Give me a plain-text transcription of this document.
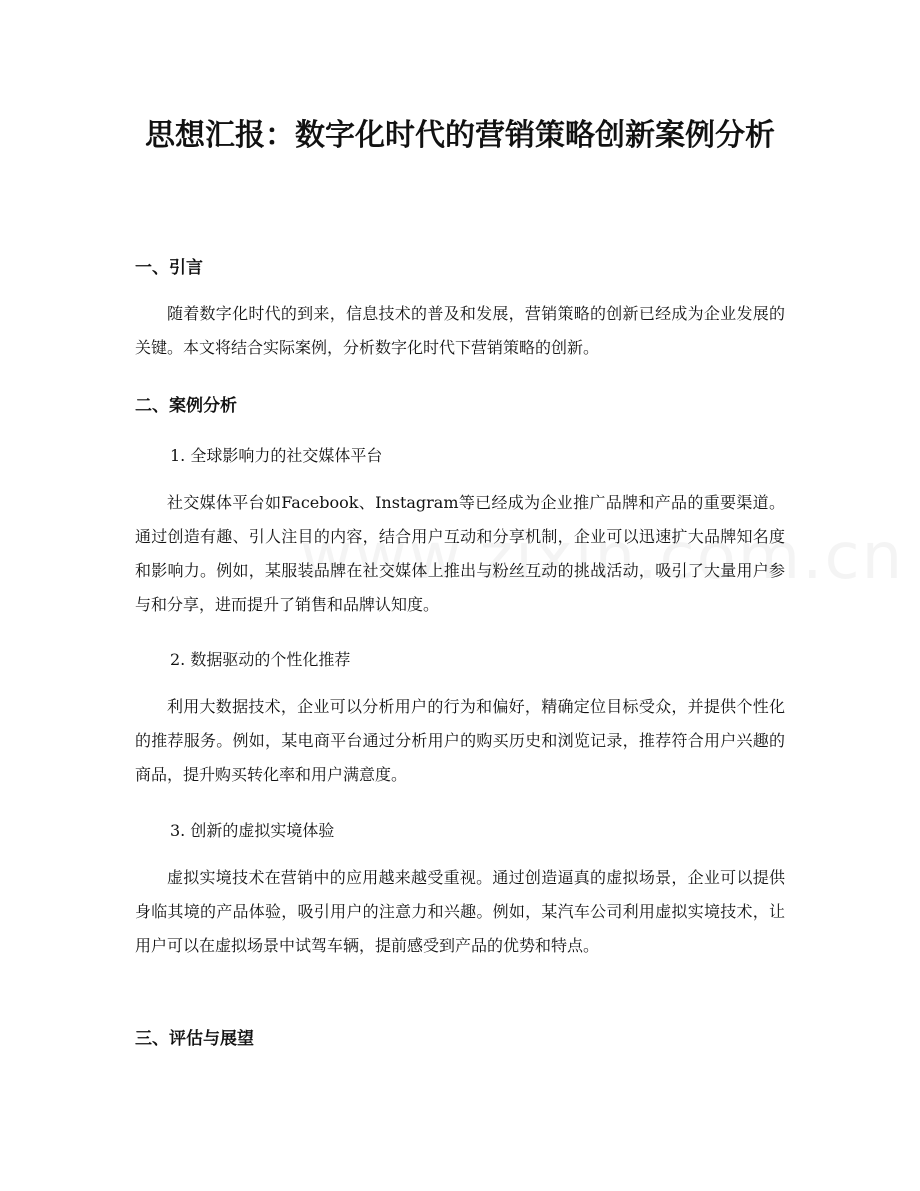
思想汇报：数字化时代的营销策略创新案例分析
一、引言
随着数字化时代的到来，信息技术的普及和发展，营销策略的创新已经成为企业发展的关键。本文将结合实际案例，分析数字化时代下营销策略的创新。
二、案例分析
1. 全球影响力的社交媒体平台
社交媒体平台如Facebook、Instagram等已经成为企业推广品牌和产品的重要渠道。通过创造有趣、引人注目的内容，结合用户互动和分享机制，企业可以迅速扩大品牌知名度和影响力。例如，某服装品牌在社交媒体上推出与粉丝互动的挑战活动，吸引了大量用户参与和分享，进而提升了销售和品牌认知度。
2. 数据驱动的个性化推荐
利用大数据技术，企业可以分析用户的行为和偏好，精确定位目标受众，并提供个性化的推荐服务。例如，某电商平台通过分析用户的购买历史和浏览记录，推荐符合用户兴趣的商品，提升购买转化率和用户满意度。
3. 创新的虚拟实境体验
虚拟实境技术在营销中的应用越来越受重视。通过创造逼真的虚拟场景，企业可以提供身临其境的产品体验，吸引用户的注意力和兴趣。例如，某汽车公司利用虚拟实境技术，让用户可以在虚拟场景中试驾车辆，提前感受到产品的优势和特点。
三、评估与展望
